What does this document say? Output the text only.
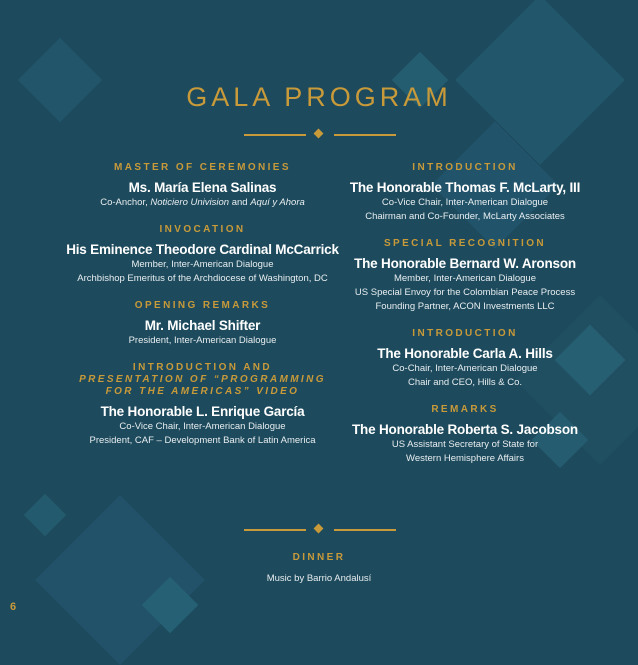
GALA PROGRAM
MASTER OF CEREMONIES
Ms. María Elena Salinas
Co-Anchor, Noticiero Univision and Aquí y Ahora
INVOCATION
His Eminence Theodore Cardinal McCarrick
Member, Inter-American Dialogue
Archbishop Emeritus of the Archdiocese of Washington, DC
OPENING REMARKS
Mr. Michael Shifter
President, Inter-American Dialogue
INTRODUCTION AND
PRESENTATION OF “PROGRAMMING
FOR THE AMERICAS” VIDEO
The Honorable L. Enrique García
Co-Vice Chair, Inter-American Dialogue
President, CAF – Development Bank of Latin America
INTRODUCTION
The Honorable Thomas F. McLarty, III
Co-Vice Chair, Inter-American Dialogue
Chairman and Co-Founder, McLarty Associates
SPECIAL RECOGNITION
The Honorable Bernard W. Aronson
Member, Inter-American Dialogue
US Special Envoy for the Colombian Peace Process
Founding Partner, ACON Investments LLC
INTRODUCTION
The Honorable Carla A. Hills
Co-Chair, Inter-American Dialogue
Chair and CEO, Hills & Co.
REMARKS
The Honorable Roberta S. Jacobson
US Assistant Secretary of State for
Western Hemisphere Affairs
DINNER
Music by Barrio Andalusí
6
